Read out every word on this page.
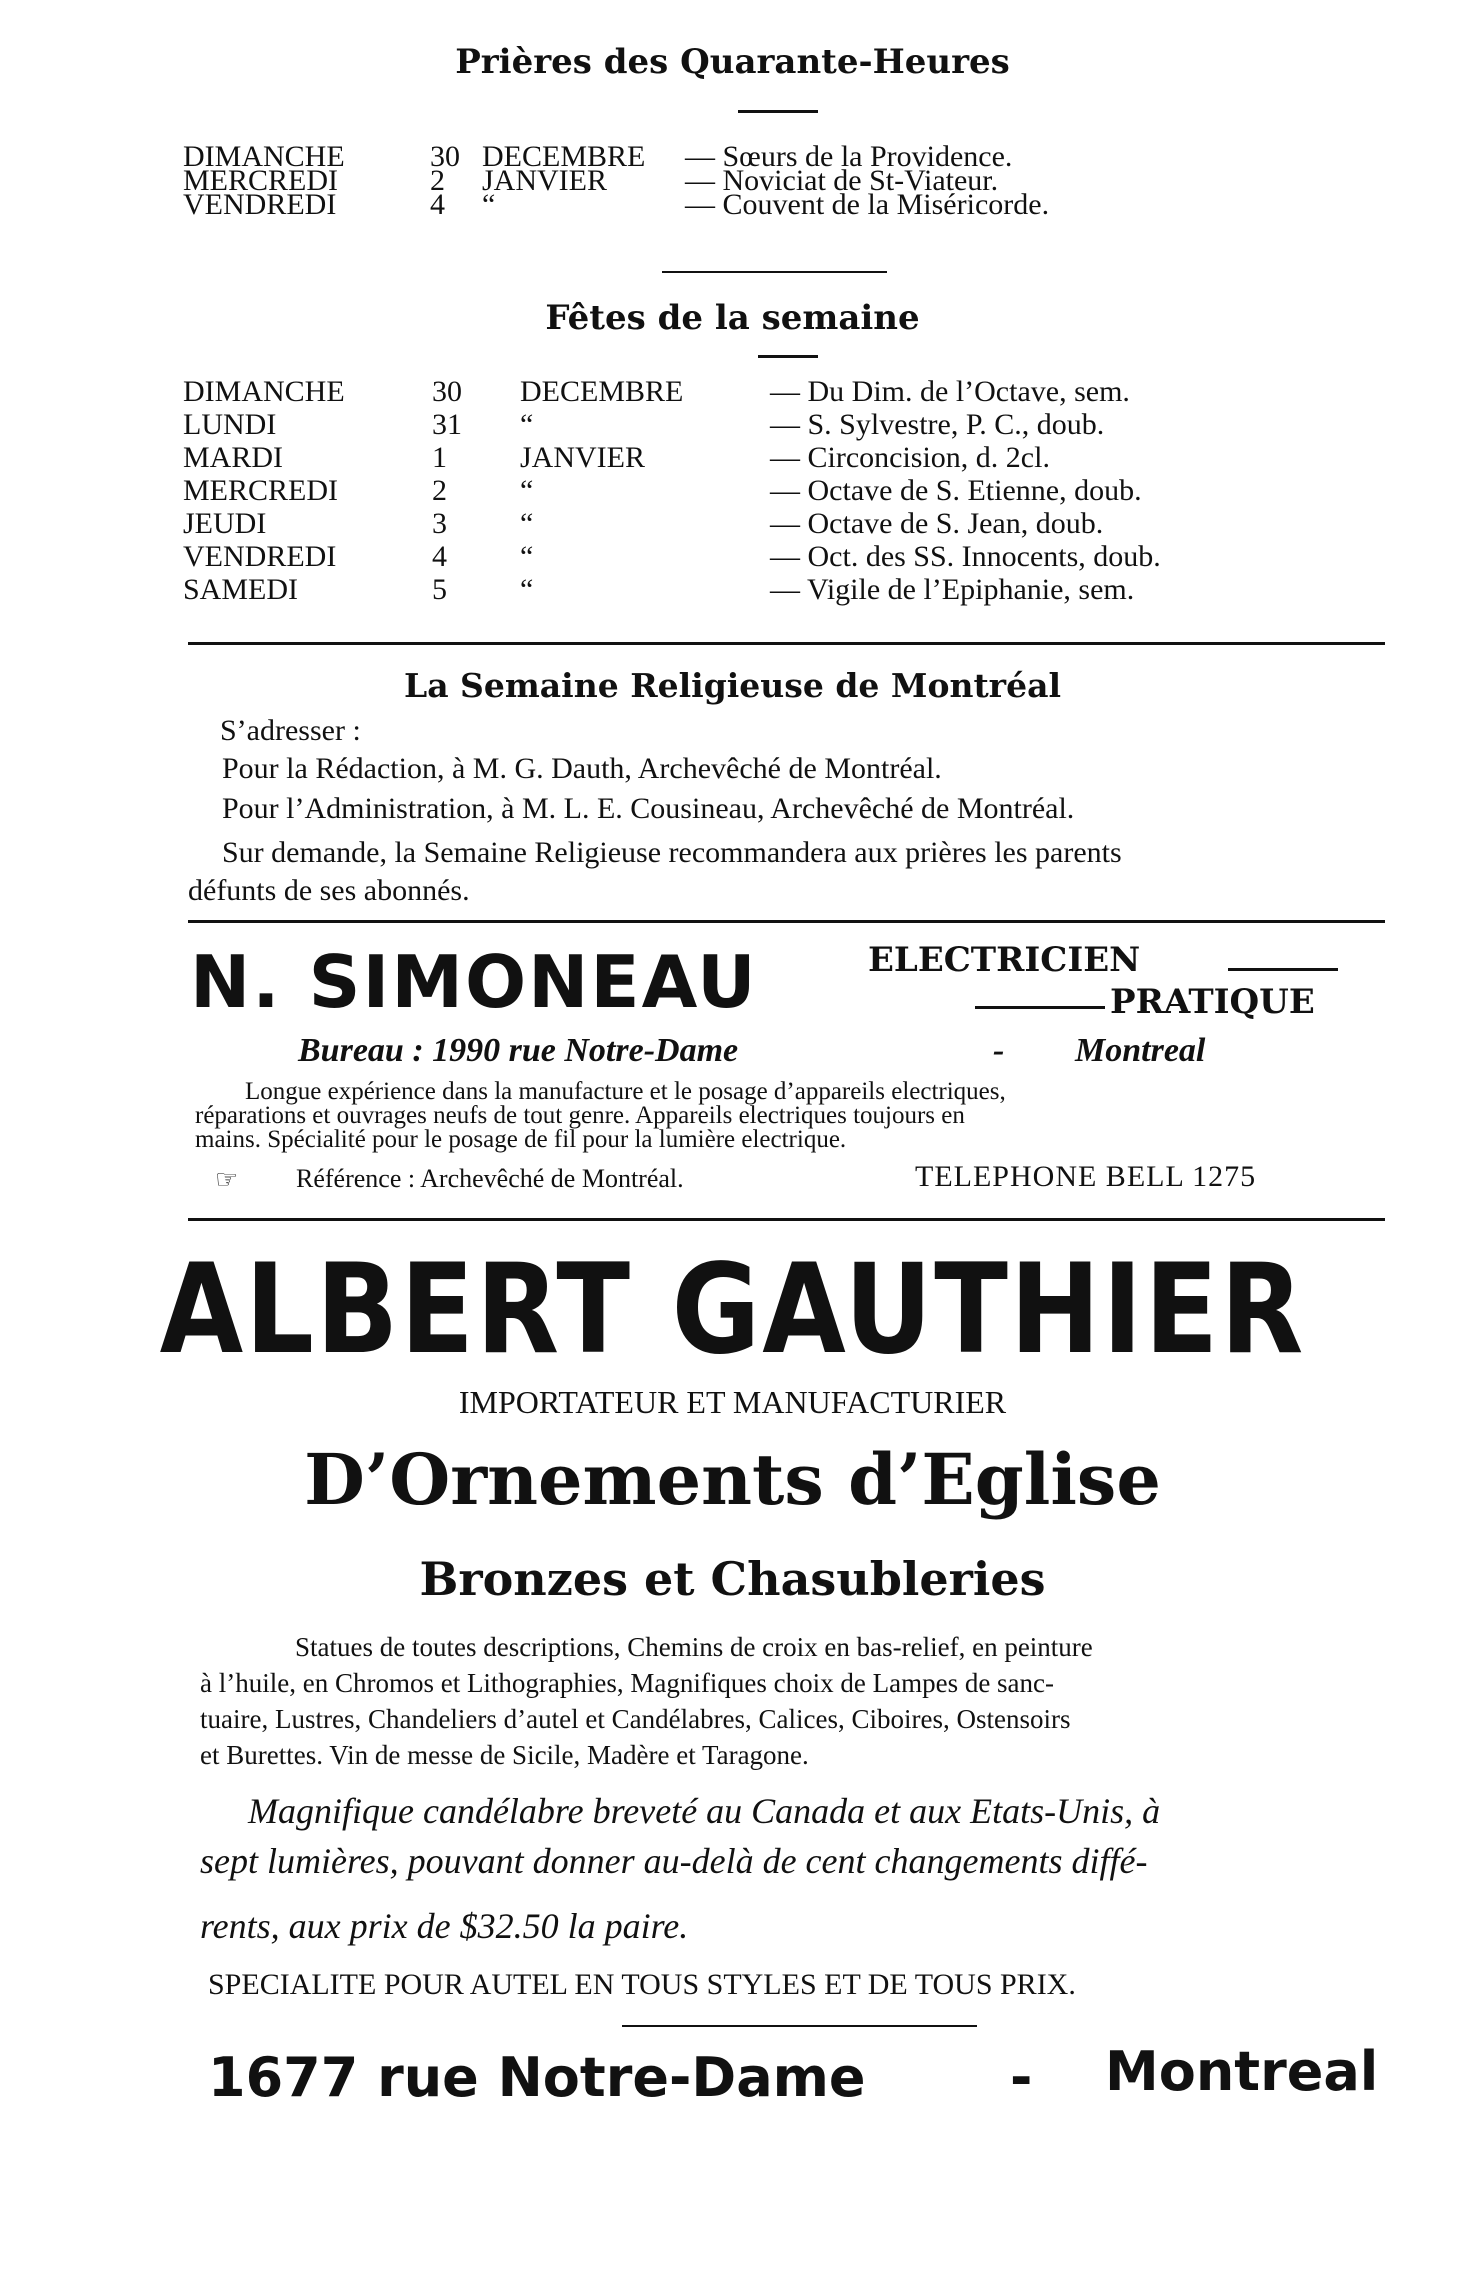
Prières des Quarante-Heures
DIMANCHE	30 DECEMBRE — Sœurs de la Providence.
MERCREDI	2 JANVIER	— Noviciat de St-Viateur.
VENDREDI	4 “	— Couvent de la Miséricorde.
Fêtes de la semaine
DIMANCHE	30 DECEMBRE	— Du Dim. de l’Octave, sem.
LUNDI	31 “	— S. Sylvestre, P. C., doub.
MARDI	1 JANVIER	— Circoncision, d. 2cl.
MERCREDI	2 “	— Octave de S. Etienne, doub.
JEUDI	3 “	— Octave de S. Jean, doub.
VENDREDI	4 “	— Oct. des SS. Innocents, doub.
SAMEDI	5 “	— Vigile de l’Epiphanie, sem.
La Semaine Religieuse de Montréal
S’adresser :
Pour la Rédaction, à M. G. Dauth, Archevêché de Montréal.
Pour l’Administration, à M. L. E. Cousineau, Archevêché de Montréal.
Sur demande, la Semaine Religieuse recommandera aux prières les parents
défunts de ses abonnés.
N. SIMONEAU	ELECTRICIEN
PRATIQUE
Bureau : 1990 rue Notre-Dame	- Montreal
Longue expérience dans la manufacture et le posage d’appareils electriques,
réparations et ouvrages neufs de tout genre. Appareils electriques toujours en
mains. Spécialité pour le posage de fil pour la lumière electrique.
☞ Référence : Archevêché de Montréal.	TELEPHONE BELL 1275
ALBERT GAUTHIER
IMPORTATEUR ET MANUFACTURIER
D’Ornements d’Eglise
Bronzes et Chasubleries
Statues de toutes descriptions, Chemins de croix en bas-relief, en peinture
à l’huile, en Chromos et Lithographies, Magnifiques choix de Lampes de sanc-
tuaire, Lustres, Chandeliers d’autel et Candélabres, Calices, Ciboires, Ostensoirs
et Burettes. Vin de messe de Sicile, Madère et Taragone.
Magnifique candélabre breveté au Canada et aux Etats-Unis, à
sept lumières, pouvant donner au-delà de cent changements diffé-
rents, aux prix de $32.50 la paire.
SPECIALITE POUR AUTEL EN TOUS STYLES ET DE TOUS PRIX.
1677 rue Notre-Dame	- Montreal
